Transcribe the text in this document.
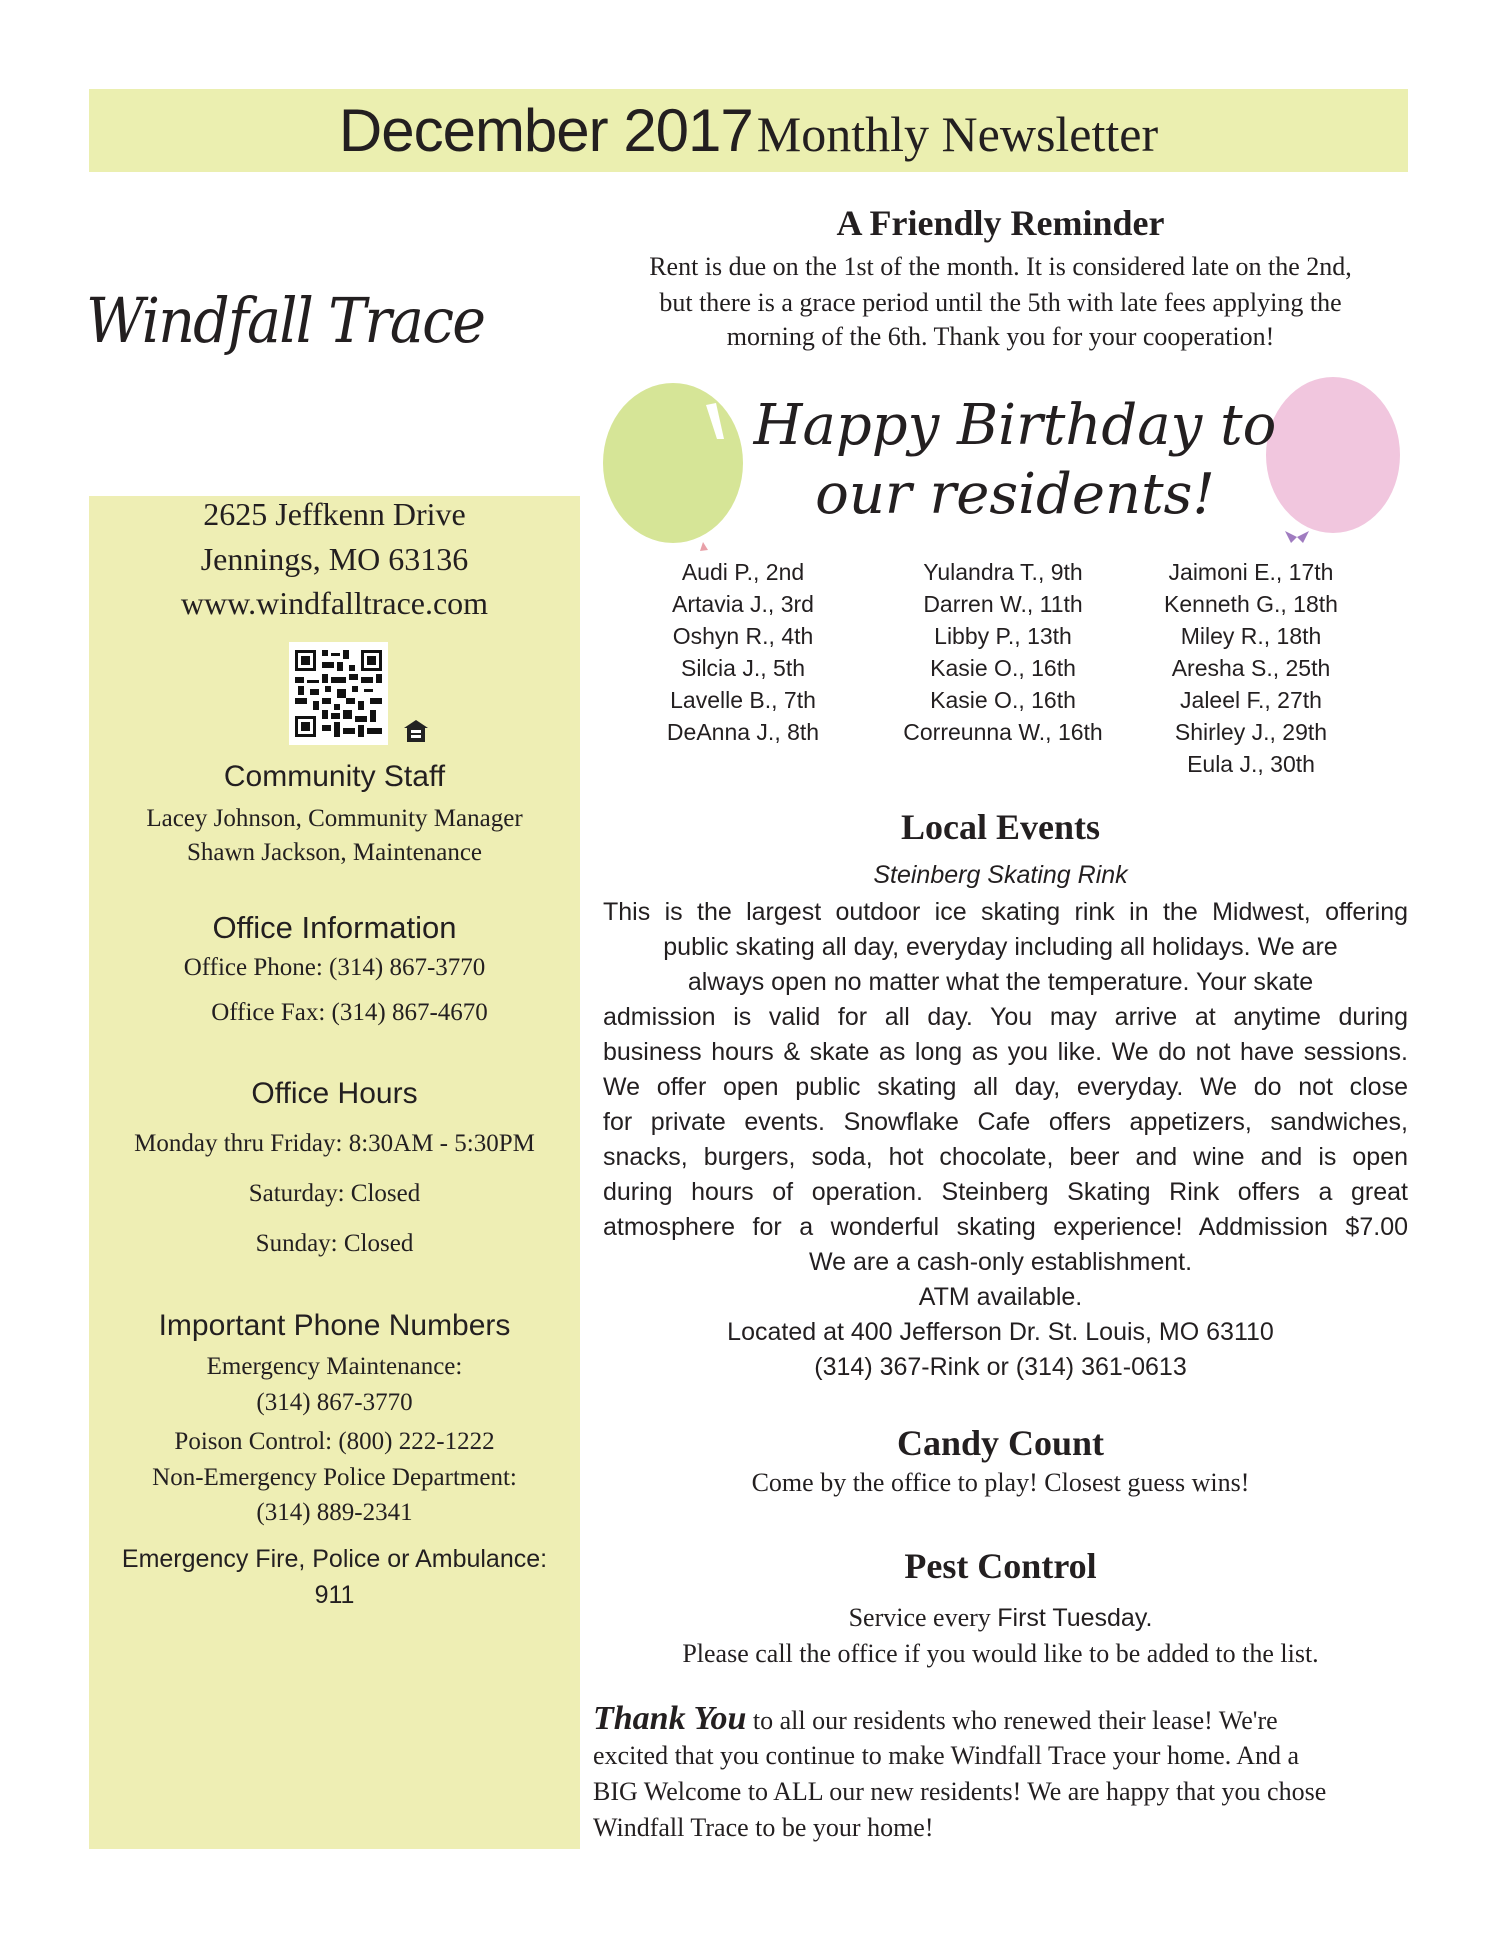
December 2017 Monthly Newsletter
Windfall Trace
2625 Jeffkenn Drive
Jennings, MO 63136
www.windfalltrace.com
Community Staff
Lacey Johnson, Community Manager
Shawn Jackson, Maintenance
Office Information
Office Phone: (314) 867-3770
Office Fax: (314) 867-4670
Office Hours
Monday thru Friday: 8:30AM - 5:30PM
Saturday: Closed
Sunday: Closed
Important Phone Numbers
Emergency Maintenance:
(314) 867-3770
Poison Control: (800) 222-1222
Non-Emergency Police Department:
(314) 889-2341
Emergency Fire, Police or Ambulance:
911
A Friendly Reminder
Rent is due on the 1st of the month. It is considered late on the 2nd,
but there is a grace period until the 5th with late fees applying the
morning of the 6th. Thank you for your cooperation!
Happy Birthday to
our residents!
Audi P., 2nd
Artavia J., 3rd
Oshyn R., 4th
Silcia J., 5th
Lavelle B., 7th
DeAnna J., 8th
Yulandra T., 9th
Darren W., 11th
Libby P., 13th
Kasie O., 16th
Kasie O., 16th
Correunna W., 16th
Jaimoni E., 17th
Kenneth G., 18th
Miley R., 18th
Aresha S., 25th
Jaleel F., 27th
Shirley J., 29th
Eula J., 30th
Local Events
Steinberg Skating Rink
This is the largest outdoor ice skating rink in the Midwest, offering
public skating all day, everyday including all holidays. We are
always open no matter what the temperature. Your skate
admission is valid for all day. You may arrive at anytime during
business hours & skate as long as you like. We do not have sessions.
We offer open public skating all day, everyday. We do not close
for private events. Snowflake Cafe offers appetizers, sandwiches,
snacks, burgers, soda, hot chocolate, beer and wine and is open
during hours of operation. Steinberg Skating Rink offers a great
atmosphere for a wonderful skating experience! Addmission $7.00
We are a cash-only establishment.
ATM available.
Located at 400 Jefferson Dr. St. Louis, MO 63110
(314) 367-Rink or (314) 361-0613
Candy Count
Come by the office to play! Closest guess wins!
Pest Control
Service every First Tuesday.
Please call the office if you would like to be added to the list.
Thank You to all our residents who renewed their lease! We're
excited that you continue to make Windfall Trace your home. And a
BIG Welcome to ALL our new residents! We are happy that you chose
Windfall Trace to be your home!
